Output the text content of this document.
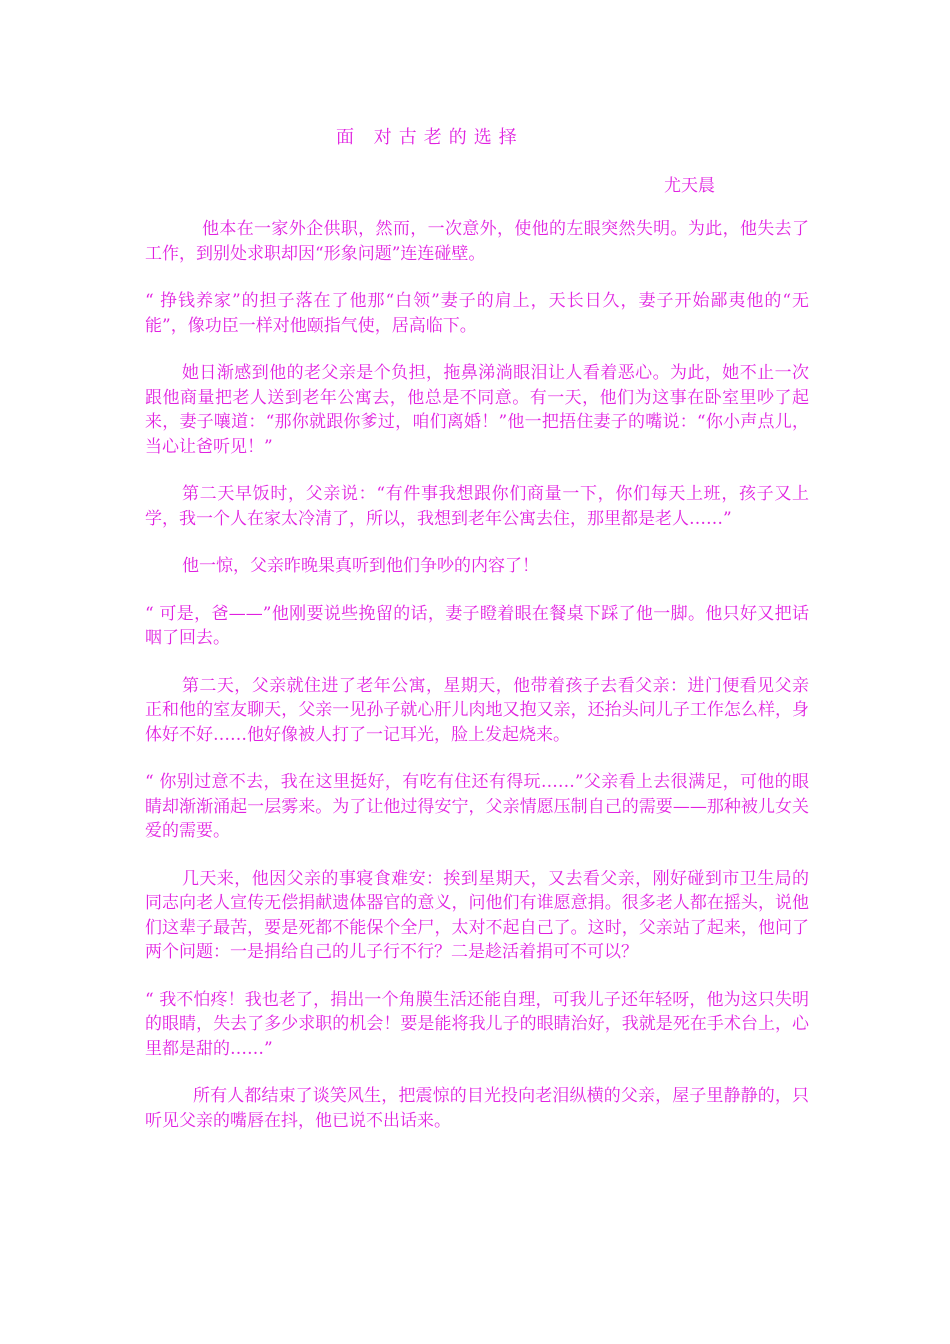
面 对古老的选择
尤天晨

他本在一家外企供职，然而，一次意外，使他的左眼突然失明。为此，他失去了工作，到别处求职却因“形象问题”连连碰壁。

“ 挣钱养家”的担子落在了他那“白领”妻子的肩上，天长日久，妻子开始鄙夷他的“无能”，像功臣一样对他颐指气使，居高临下。

她日渐感到他的老父亲是个负担，拖鼻涕淌眼泪让人看着恶心。为此，她不止一次跟他商量把老人送到老年公寓去，他总是不同意。有一天，他们为这事在卧室里吵了起来，妻子嚷道：“那你就跟你爹过，咱们离婚！”他一把捂住妻子的嘴说：“你小声点儿，当心让爸听见！”

第二天早饭时，父亲说：“有件事我想跟你们商量一下，你们每天上班，孩子又上学，我一个人在家太冷清了，所以，我想到老年公寓去住，那里都是老人……”

他一惊，父亲昨晚果真听到他们争吵的内容了！

“ 可是，爸——”他刚要说些挽留的话，妻子瞪着眼在餐桌下踩了他一脚。他只好又把话咽了回去。

第二天，父亲就住进了老年公寓，星期天，他带着孩子去看父亲：进门便看见父亲正和他的室友聊天，父亲一见孙子就心肝儿肉地又抱又亲，还抬头问儿子工作怎么样，身体好不好……他好像被人打了一记耳光，脸上发起烧来。

“ 你别过意不去，我在这里挺好，有吃有住还有得玩……”父亲看上去很满足，可他的眼睛却渐渐涌起一层雾来。为了让他过得安宁，父亲情愿压制自己的需要——那种被儿女关爱的需要。

几天来，他因父亲的事寝食难安：挨到星期天，又去看父亲，刚好碰到市卫生局的同志向老人宣传无偿捐献遗体器官的意义，问他们有谁愿意捐。很多老人都在摇头，说他们这辈子最苦，要是死都不能保个全尸，太对不起自己了。这时，父亲站了起来，他问了两个问题：一是捐给自己的儿子行不行？二是趁活着捐可不可以？

“ 我不怕疼！我也老了，捐出一个角膜生活还能自理，可我儿子还年轻呀，他为这只失明的眼睛，失去了多少求职的机会！要是能将我儿子的眼睛治好，我就是死在手术台上，心里都是甜的……”

所有人都结束了谈笑风生，把震惊的目光投向老泪纵横的父亲，屋子里静静的，只听见父亲的嘴唇在抖，他已说不出话来。
